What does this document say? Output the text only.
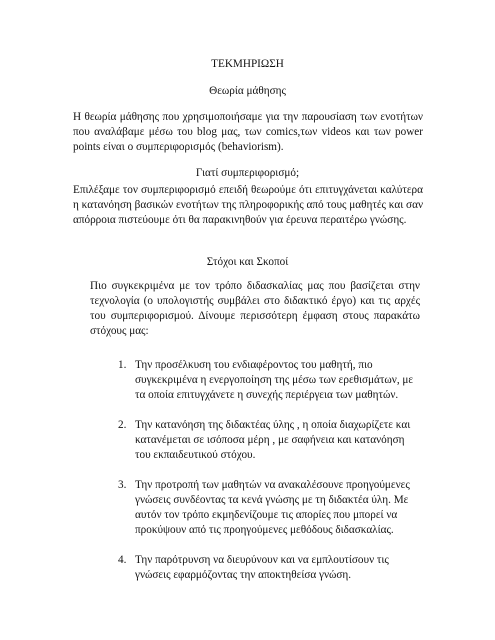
ΤΕΚΜΗΡΙΩΣΗ
Θεωρία μάθησης
Η θεωρία μάθησης που χρησιμοποιήσαμε για την παρουσίαση των ενοτήτων που αναλάβαμε μέσω του blog μας, των comics,των videos και των power points είναι ο συμπεριφορισμός (behaviorism).
Γιατί συμπεριφορισμό;
Επιλέξαμε τον συμπεριφορισμό επειδή θεωρούμε ότι επιτυγχάνεται καλύτερα η κατανόηση βασικών ενοτήτων της πληροφορικής από τους μαθητές και σαν απόρροια πιστεύουμε ότι θα παρακινηθούν για έρευνα περαιτέρω γνώσης.
Στόχοι και Σκοποί
Πιο συγκεκριμένα με τον τρόπο διδασκαλίας μας που βασίζεται στην τεχνολογία (ο υπολογιστής συμβάλει στο διδακτικό έργο) και τις αρχές του συμπεριφορισμού. Δίνουμε περισσότερη έμφαση στους παρακάτω στόχους μας:
1. Την προσέλκυση του ενδιαφέροντος του μαθητή, πιο συγκεκριμένα η ενεργοποίηση της μέσω των ερεθισμάτων, με τα οποία επιτυγχάνετε η συνεχής περιέργεια των μαθητών.
2. Την κατανόηση της διδακτέας ύλης , η οποία διαχωρίζετε και κατανέμεται σε ισόποσα μέρη , με σαφήνεια και κατανόηση του εκπαιδευτικού στόχου.
3. Την προτροπή των μαθητών να ανακαλέσουνε προηγούμενες γνώσεις συνδέοντας τα κενά γνώσης με τη διδακτέα ύλη. Με αυτόν τον τρόπο εκμηδενίζουμε τις απορίες που μπορεί να προκύψουν από τις προηγούμενες μεθόδους διδασκαλίας.
4. Την παρότρυνση να διευρύνουν και να εμπλουτίσουν τις γνώσεις εφαρμόζοντας την αποκτηθείσα γνώση.
